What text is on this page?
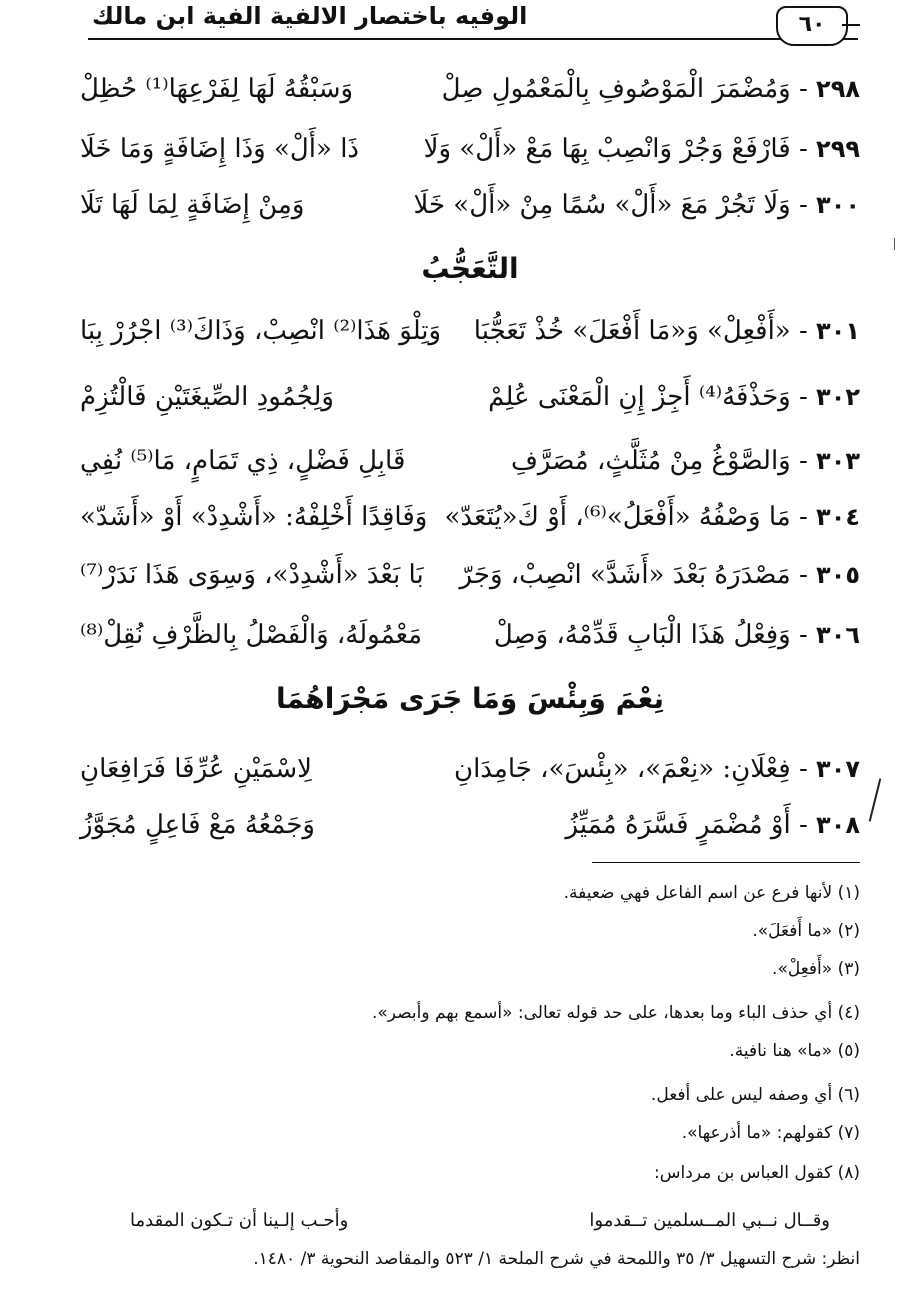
٦٠
الوفيه باختصار الالفية الفية ابن مالك
٢٩٨ - وَمُضْمَرَ الْمَوْصُوفِ بِالْمَعْمُولِ صِلْ
وَسَبْقُهُ لَهَا لِفَرْعِهَا⁽¹⁾ حُظِلْ
٢٩٩ - فَارْفَعْ وَجُرْ وَانْصِبْ بِهَا مَعْ «أَلْ» وَلَا
ذَا «أَلْ» وَذَا إِضَافَةٍ وَمَا خَلَا
٣٠٠ - وَلَا تَجُرْ مَعَ «أَلْ» سُمًا مِنْ «أَلْ» خَلَا
وَمِنْ إِضَافَةٍ لِمَا لَهَا تَلَا
التَّعَجُّبُ
٣٠١ - «أَفْعِلْ» وَ«مَا أَفْعَلَ» خُذْ تَعَجُّبَا
وَتِلْوَ هَذَا⁽²⁾ انْصِبْ، وَذَاكَ⁽³⁾ اجْرُرْ بِبَا
٣٠٢ - وَحَذْفَهُ⁽⁴⁾ أَجِزْ إِنِ الْمَعْنَى عُلِمْ
وَلِجُمُودِ الصِّيغَتَيْنِ فَالْتُزِمْ
٣٠٣ - وَالصَّوْغُ مِنْ مُثَلَّثٍ، مُصَرَّفِ
قَابِلِ فَضْلٍ، ذِي تَمَامٍ، مَا⁽⁵⁾ نُفِي
٣٠٤ - مَا وَصْفُهُ «أَفْعَلُ»⁽⁶⁾، أَوْ كَ«يُتَعَدّ»
وَفَاقِدًا أَخْلِفْهُ: «أَشْدِدْ» أَوْ «أَشَدّ»
٣٠٥ - مَصْدَرَهُ بَعْدَ «أَشَدَّ» انْصِبْ، وَجَرّ
بَا بَعْدَ «أَشْدِدْ»، وَسِوَى هَذَا نَدَرْ⁽⁷⁾
٣٠٦ - وَفِعْلُ هَذَا الْبَابِ قَدِّمْهُ، وَصِلْ
مَعْمُولَهُ، وَالْفَصْلُ بِالظَّرْفِ نُقِلْ⁽⁸⁾
نِعْمَ وَبِئْسَ وَمَا جَرَى مَجْرَاهُمَا
٣٠٧ - فِعْلَانِ: «نِعْمَ»، «بِئْسَ»، جَامِدَانِ
لِاسْمَيْنِ عُرِّفَا فَرَافِعَانِ
٣٠٨ - أَوْ مُضْمَرٍ فَسَّرَهُ مُمَيِّزُ
وَجَمْعُهُ مَعْ فَاعِلٍ مُجَوَّزُ
(١) لأنها فرع عن اسم الفاعل فهي ضعيفة.
(٢) «ما أَفعَلَ».
(٣) «أَفعِلْ».
(٤) أي حذف الباء وما بعدها، على حد قوله تعالى: «أسمع بهم وأبصر».
(٥) «ما» هنا نافية.
(٦) أي وصفه ليس على أفعل.
(٧) كقولهم: «ما أذرعها».
(٨) كقول العباس بن مرداس:
وقــال نــبي المــسلمين تــقدموا
وأحـب إلـينا أن تـكون المقدما
انظر: شرح التسهيل ٣/ ٣٥ واللمحة في شرح الملحة ١/ ٥٢٣ والمقاصد النحوية ٣/ ١٤٨٠.
